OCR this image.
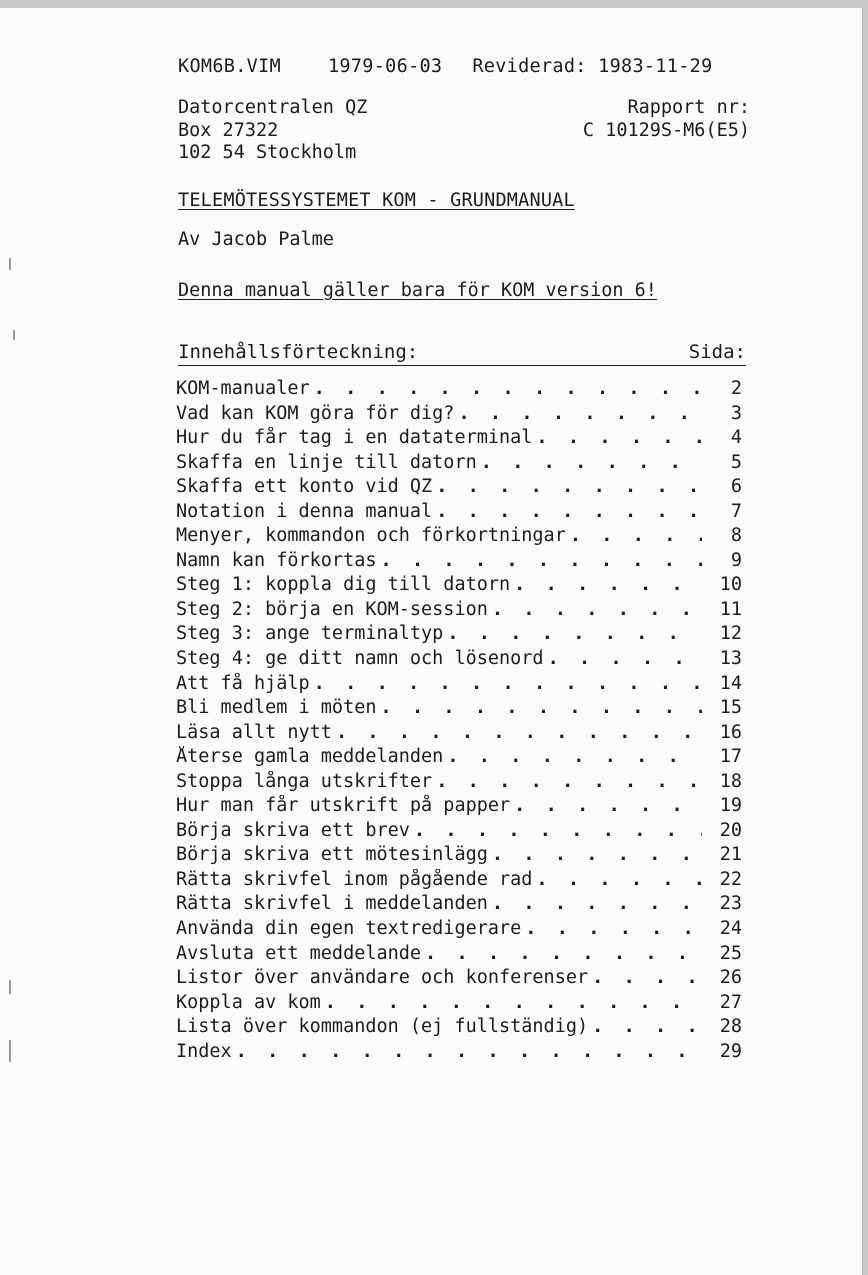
KOM6B.VIM	1979-06-03 Reviderad: 1983-11-29
Datorcentralen QZ
Box 27322
102 54 Stockholm
Rapport nr:
C 10129S-M6(E5)
TELEMÖTESSYSTEMET KOM - GRUNDMANUAL
Av Jacob Palme
Denna manual gäller bara för KOM version 6!
Innehållsförteckning:	Sida:
KOM-manualer . . .	2
Vad kan KOM göra för dig? . . .	3
Hur du får tag i en dataterminal . . .	4
Skaffa en linje till datorn . . .	5
Skaffa ett konto vid QZ . . .	6
Notation i denna manual . . .	7
Menyer, kommandon och förkortningar . . .	8
Namn kan förkortas . . .	9
Steg 1: koppla dig till datorn . . .	10
Steg 2: börja en KOM-session . . .	11
Steg 3: ange terminaltyp . . .	12
Steg 4: ge ditt namn och lösenord . . .	13
Att få hjälp . . .	14
Bli medlem i möten . . .	15
Läsa allt nytt . . .	16
Återse gamla meddelanden . . .	17
Stoppa långa utskrifter . . .	18
Hur man får utskrift på papper . . .	19
Börja skriva ett brev . . .	20
Börja skriva ett mötesinlägg . . .	21
Rätta skrivfel inom pågående rad . . .	22
Rätta skrivfel i meddelanden . . .	23
Använda din egen textredigerare . . .	24
Avsluta ett meddelande . . .	25
Listor över användare och konferenser . . .	26
Koppla av kom . . .	27
Lista över kommandon (ej fullständig) . . .	28
Index . . .	29
